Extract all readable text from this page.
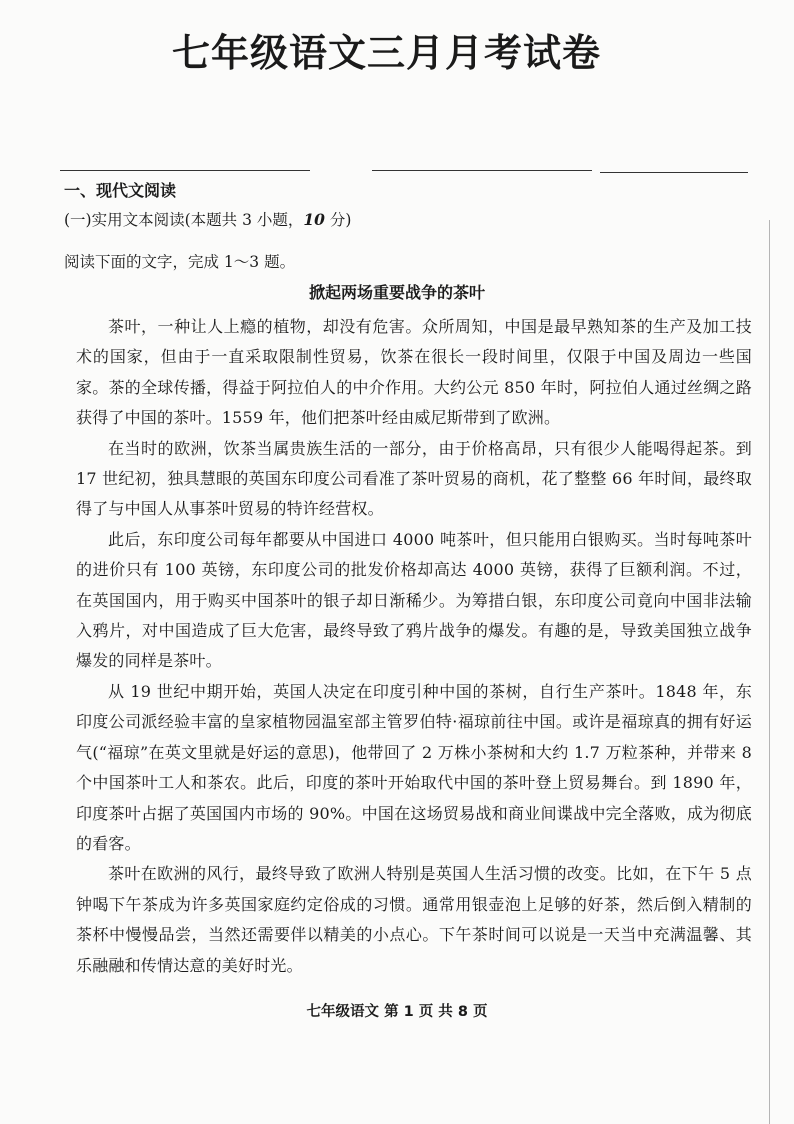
七年级语文三月月考试卷
一、现代文阅读
(一)实用文本阅读(本题共 3 小题，10 分)
阅读下面的文字，完成 1～3 题。
掀起两场重要战争的茶叶

茶叶，一种让人上瘾的植物，却没有危害。众所周知，中国是最早熟知茶的生产及加工技术的国家，但由于一直采取限制性贸易，饮茶在很长一段时间里，仅限于中国及周边一些国家。茶的全球传播，得益于阿拉伯人的中介作用。大约公元 850 年时，阿拉伯人通过丝绸之路获得了中国的茶叶。1559 年，他们把茶叶经由威尼斯带到了欧洲。

在当时的欧洲，饮茶当属贵族生活的一部分，由于价格高昂，只有很少人能喝得起茶。到 17 世纪初，独具慧眼的英国东印度公司看准了茶叶贸易的商机，花了整整 66 年时间，最终取得了与中国人从事茶叶贸易的特许经营权。

此后，东印度公司每年都要从中国进口 4000 吨茶叶，但只能用白银购买。当时每吨茶叶的进价只有 100 英镑，东印度公司的批发价格却高达 4000 英镑，获得了巨额利润。不过，在英国国内，用于购买中国茶叶的银子却日渐稀少。为筹措白银，东印度公司竟向中国非法输入鸦片，对中国造成了巨大危害，最终导致了鸦片战争的爆发。有趣的是，导致美国独立战争爆发的同样是茶叶。

从 19 世纪中期开始，英国人决定在印度引种中国的茶树，自行生产茶叶。1848 年，东印度公司派经验丰富的皇家植物园温室部主管罗伯特·福琼前往中国。或许是福琼真的拥有好运气(“福琼”在英文里就是好运的意思)，他带回了 2 万株小茶树和大约 1.7 万粒茶种，并带来 8 个中国茶叶工人和茶农。此后，印度的茶叶开始取代中国的茶叶登上贸易舞台。到 1890 年，印度茶叶占据了英国国内市场的 90%。中国在这场贸易战和商业间谍战中完全落败，成为彻底的看客。

茶叶在欧洲的风行，最终导致了欧洲人特别是英国人生活习惯的改变。比如，在下午 5 点钟喝下午茶成为许多英国家庭约定俗成的习惯。通常用银壶泡上足够的好茶，然后倒入精制的茶杯中慢慢品尝，当然还需要伴以精美的小点心。下午茶时间可以说是一天当中充满温馨、其乐融融和传情达意的美好时光。

七年级语文 第 1 页 共 8 页
